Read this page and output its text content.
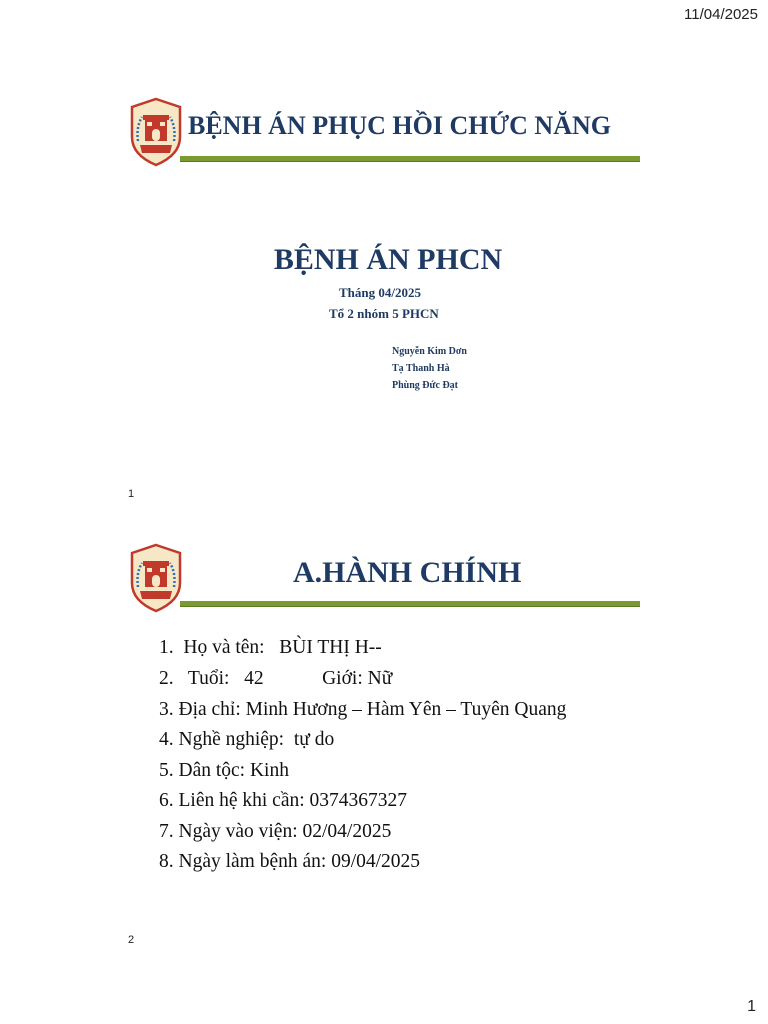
11/04/2025
1
BỆNH ÁN PHỤC HỒI CHỨC NĂNG
BỆNH ÁN PHCN
Tháng 04/2025
Tổ 2 nhóm 5 PHCN
Nguyễn Kim Dơn
Tạ Thanh Hà
Phùng Đức Đạt
1
A.HÀNH CHÍNH
1.  Họ và tên:   BÙI THỊ H--
2.   Tuổi:   42            Giới: Nữ
3. Địa chỉ: Minh Hương – Hàm Yên – Tuyên Quang
4. Nghề nghiệp:  tự do
5. Dân tộc: Kinh
6. Liên hệ khi cần: 0374367327
7. Ngày vào viện: 02/04/2025
8. Ngày làm bệnh án: 09/04/2025
2
